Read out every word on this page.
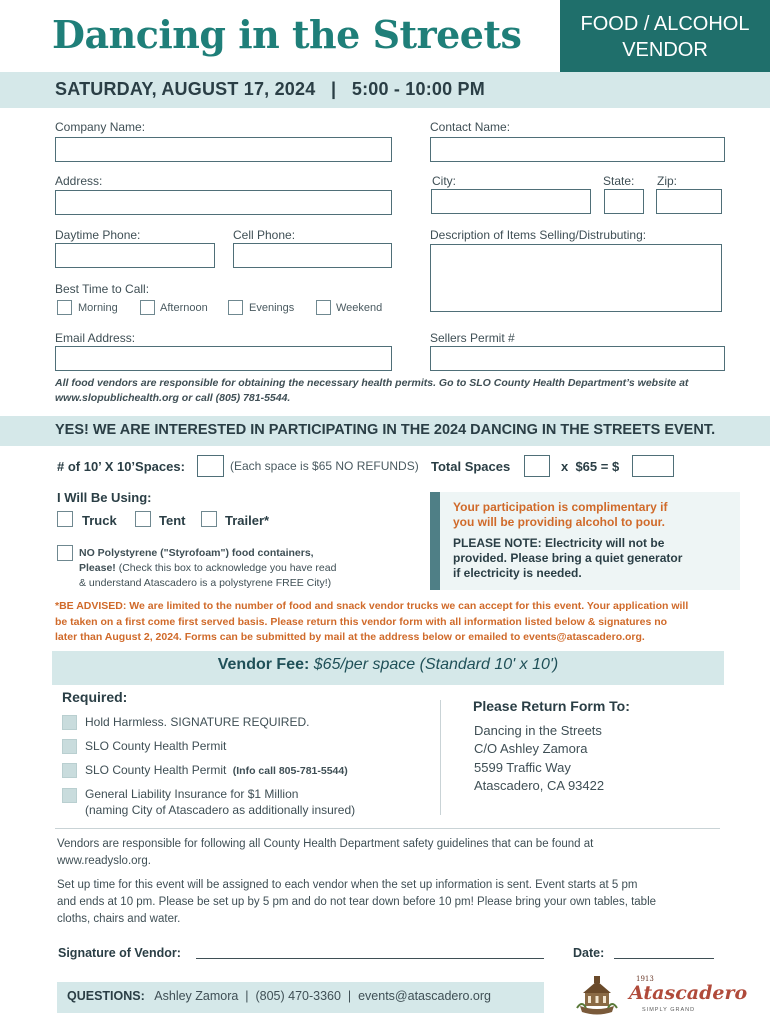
Dancing in the Streets	FOOD / ALCOHOL
VENDOR
SATURDAY, AUGUST 17, 2024   |   5:00 - 10:00 PM
Company Name:	Contact Name:
Address:	City:	State: Zip:
Daytime Phone:	Cell Phone:	Description of Items Selling/Distrubuting:
Best Time to Call:
Morning	Afternoon	Evenings	Weekend
Email Address:	Sellers Permit #
All food vendors are responsible for obtaining the necessary health permits. Go to SLO County Health Department’s website at
www.slopublichealth.org or call (805) 781-5544.
YES! WE ARE INTERESTED IN PARTICIPATING IN THE 2024 DANCING IN THE STREETS EVENT.
# of 10’ X 10’Spaces:	(Each space is $65 NO REFUNDS) Total Spaces	x  $65 = $
I Will Be Using:
Truck	Tent	Trailer*
NO Polystyrene ("Styrofoam") food containers,
Please! (Check this box to acknowledge you have read
& understand Atascadero is a polystyrene FREE City!)
Your participation is complimentary if
you will be providing alcohol to pour.
PLEASE NOTE: Electricity will not be
provided. Please bring a quiet generator
if electricity is needed.
*BE ADVISED: We are limited to the number of food and snack vendor trucks we can accept for this event. Your application will
be taken on a first come first served basis. Please return this vendor form with all information listed below & signatures no
later than August 2, 2024. Forms can be submitted by mail at the address below or emailed to events@atascadero.org.
Vendor Fee: $65/per space (Standard 10' x 10')
Required:
Hold Harmless. SIGNATURE REQUIRED.
SLO County Health Permit
SLO County Health Permit (Info call 805-781-5544)
General Liability Insurance for $1 Million
(naming City of Atascadero as additionally insured)
Please Return Form To:
Dancing in the Streets
C/O Ashley Zamora
5599 Traffic Way
Atascadero, CA 93422
Vendors are responsible for following all County Health Department safety guidelines that can be found at
www.readyslo.org.
Set up time for this event will be assigned to each vendor when the set up information is sent. Event starts at 5 pm
and ends at 10 pm. Please be set up by 5 pm and do not tear down before 10 pm! Please bring your own tables, table
cloths, chairs and water.
Signature of Vendor:	Date:
QUESTIONS: Ashley Zamora  |  (805) 470-3360  |  events@atascadero.org
1913
Atascadero
SIMPLY GRAND
